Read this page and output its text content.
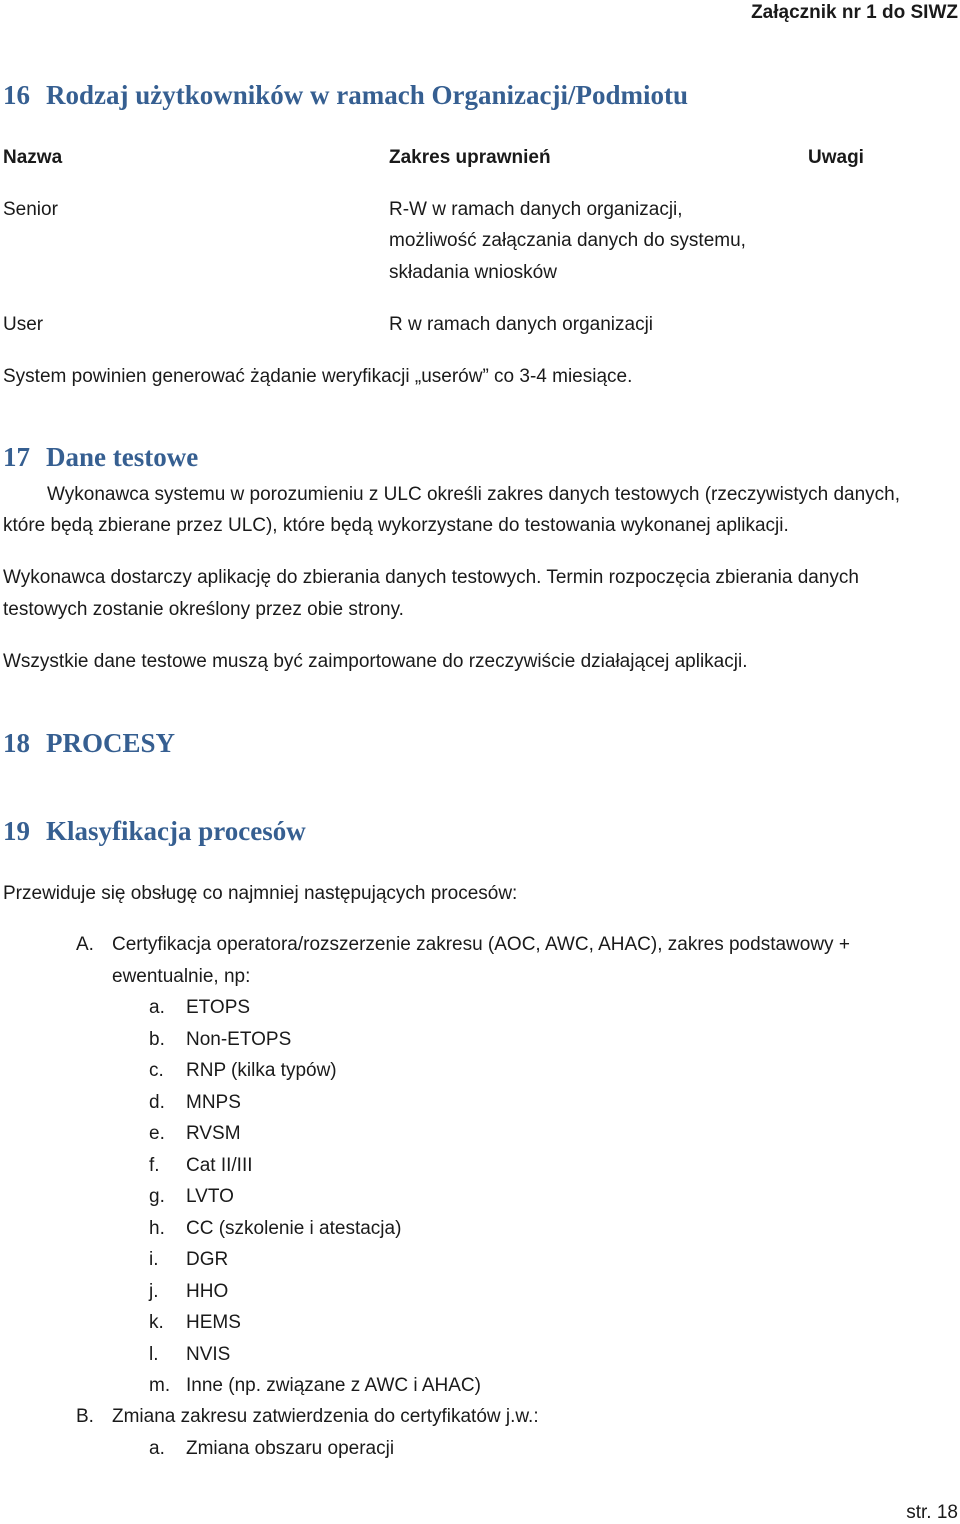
Załącznik nr 1 do SIWZ
16 Rodzaj użytkowników w ramach Organizacji/Podmiotu
Nazwa	Zakres uprawnień	Uwagi
Senior	R-W w ramach danych organizacji,
możliwość załączania danych do systemu,
składania wniosków
User	R w ramach danych organizacji
System powinien generować żądanie weryfikacji „userów” co 3-4 miesiące.
17 Dane testowe
Wykonawca systemu w porozumieniu z ULC określi zakres danych testowych (rzeczywistych danych,
które będą zbierane przez ULC), które będą wykorzystane do testowania wykonanej aplikacji.
Wykonawca dostarczy aplikację do zbierania danych testowych. Termin rozpoczęcia zbierania danych
testowych zostanie określony przez obie strony.
Wszystkie dane testowe muszą być zaimportowane do rzeczywiście działającej aplikacji.
18 PROCESY
19 Klasyfikacja procesów
Przewiduje się obsługę co najmniej następujących procesów:
A. Certyfikacja operatora/rozszerzenie zakresu (AOC, AWC, AHAC), zakres podstawowy +
ewentualnie, np:
a. ETOPS
b. Non-ETOPS
c. RNP (kilka typów)
d. MNPS
e. RVSM
f. Cat II/III
g. LVTO
h. CC (szkolenie i atestacja)
i. DGR
j. HHO
k. HEMS
l. NVIS
m. Inne (np. związane z AWC i AHAC)
B. Zmiana zakresu zatwierdzenia do certyfikatów j.w.:
a. Zmiana obszaru operacji
str. 18
